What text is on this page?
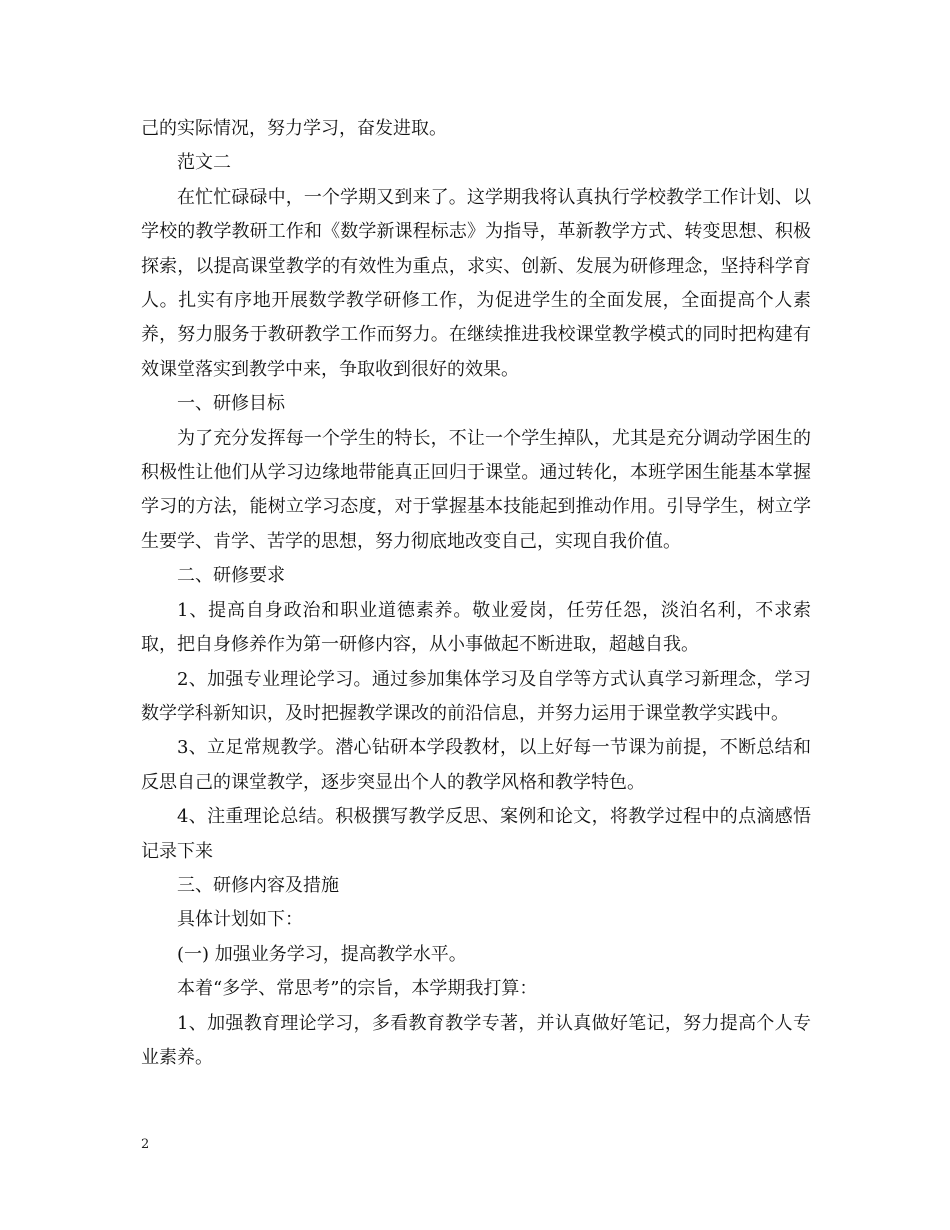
己的实际情况，努力学习，奋发进取。

范文二

在忙忙碌碌中，一个学期又到来了。这学期我将认真执行学校教学工作计划、以学校的教学教研工作和《数学新课程标志》为指导，革新教学方式、转变思想、积极探索，以提高课堂教学的有效性为重点，求实、创新、发展为研修理念，坚持科学育人。扎实有序地开展数学教学研修工作，为促进学生的全面发展，全面提高个人素养，努力服务于教研教学工作而努力。在继续推进我校课堂教学模式的同时把构建有效课堂落实到教学中来，争取收到很好的效果。

一、研修目标

为了充分发挥每一个学生的特长，不让一个学生掉队，尤其是充分调动学困生的积极性让他们从学习边缘地带能真正回归于课堂。通过转化，本班学困生能基本掌握学习的方法，能树立学习态度，对于掌握基本技能起到推动作用。引导学生，树立学生要学、肯学、苦学的思想，努力彻底地改变自己，实现自我价值。

二、研修要求

1、提高自身政治和职业道德素养。敬业爱岗，任劳任怨，淡泊名利，不求索取，把自身修养作为第一研修内容，从小事做起不断进取，超越自我。

2、加强专业理论学习。通过参加集体学习及自学等方式认真学习新理念，学习数学学科新知识，及时把握教学课改的前沿信息，并努力运用于课堂教学实践中。

3、立足常规教学。潜心钻研本学段教材，以上好每一节课为前提，不断总结和反思自己的课堂教学，逐步突显出个人的教学风格和教学特色。

4、注重理论总结。积极撰写教学反思、案例和论文，将教学过程中的点滴感悟记录下来

三、研修内容及措施

具体计划如下：

(一) 加强业务学习，提高教学水平。

本着“多学、常思考”的宗旨，本学期我打算：

1、加强教育理论学习，多看教育教学专著，并认真做好笔记，努力提高个人专业素养。

2
